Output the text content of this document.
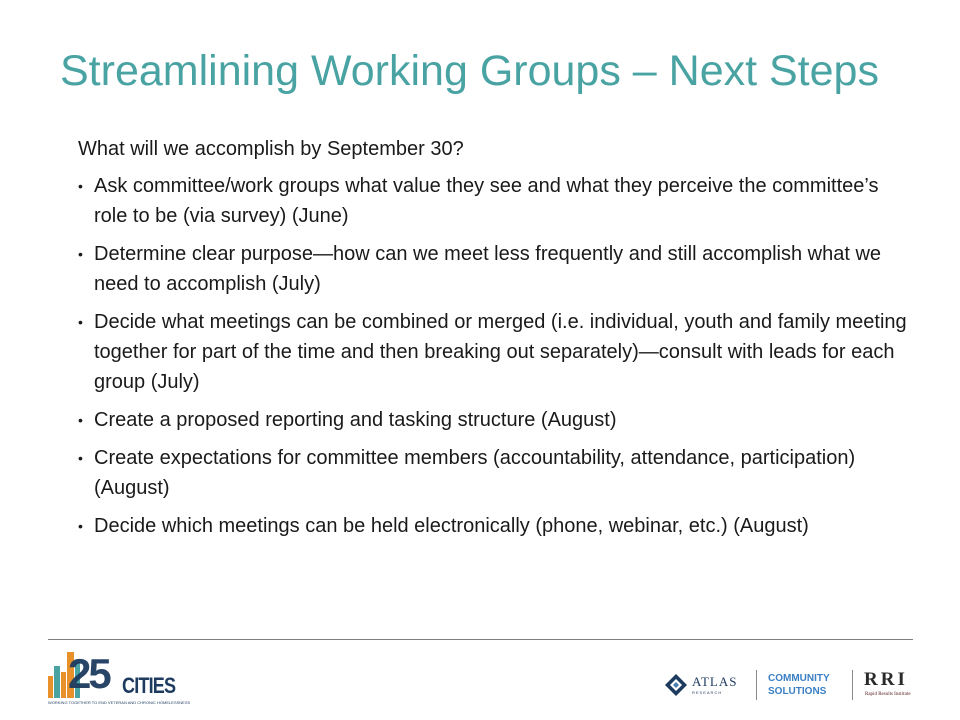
Streamlining Working Groups – Next Steps

What will we accomplish by September 30?

• Ask committee/work groups what value they see and what they perceive the committee’s role to be (via survey) (June)
• Determine clear purpose—how can we meet less frequently and still accomplish what we need to accomplish (July)
• Decide what meetings can be combined or merged (i.e. individual, youth and family meeting together for part of the time and then breaking out separately)—consult with leads for each group (July)
• Create a proposed reporting and tasking structure (August)
• Create expectations for committee members (accountability, attendance, participation) (August)
• Decide which meetings can be held electronically (phone, webinar, etc.) (August)
25 CITIES
WORKING TOGETHER TO END VETERAN AND CHRONIC HOMELESSNESS
ATLAS
RESEARCH
COMMUNITY
SOLUTIONS
RRI
Rapid Results Institute
